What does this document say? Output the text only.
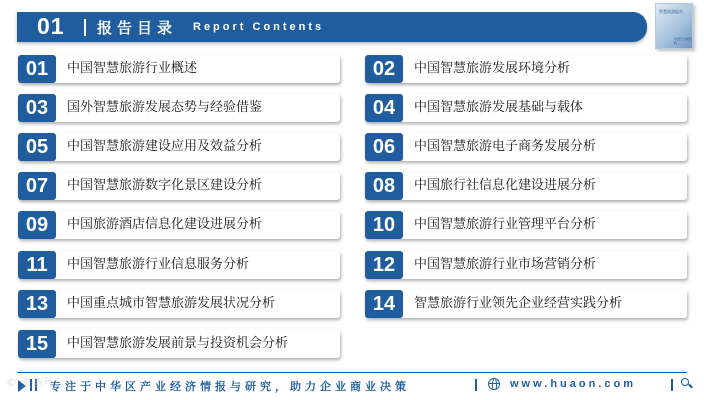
01 报告目录 Report Contents
智慧旅游报告
华经产业研究院
01	中国智慧旅游行业概述	02	中国智慧旅游发展环境分析
03	国外智慧旅游发展态势与经验借鉴	04	中国智慧旅游发展基础与载体
05	中国智慧旅游建设应用及效益分析	06	中国智慧旅游电子商务发展分析
07	中国智慧旅游数字化景区建设分析	08	中国旅行社信息化建设进展分析
09	中国旅游酒店信息化建设进展分析	10	中国智慧旅游行业管理平台分析
11	中国智慧旅游行业信息服务分析	12	中国智慧旅游行业市场营销分析
13	中国重点城市智慧旅游发展状况分析	14	智慧旅游行业领先企业经营实践分析
15	中国智慧旅游发展前景与投资机会分析
专注于中华区产业经济情报与研究，助力企业商业决策	www.huaon.com
© 头条号
